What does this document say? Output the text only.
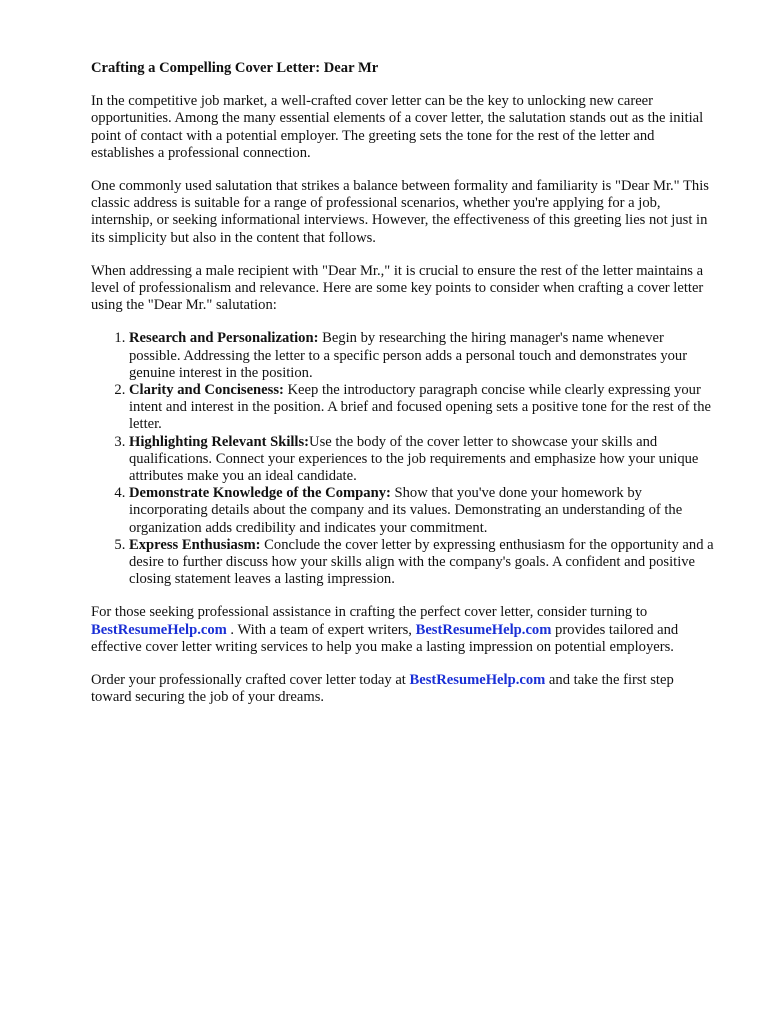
Crafting a Compelling Cover Letter: Dear Mr

In the competitive job market, a well-crafted cover letter can be the key to unlocking new career opportunities. Among the many essential elements of a cover letter, the salutation stands out as the initial point of contact with a potential employer. The greeting sets the tone for the rest of the letter and establishes a professional connection.

One commonly used salutation that strikes a balance between formality and familiarity is "Dear Mr." This classic address is suitable for a range of professional scenarios, whether you're applying for a job, internship, or seeking informational interviews. However, the effectiveness of this greeting lies not just in its simplicity but also in the content that follows.

When addressing a male recipient with "Dear Mr.," it is crucial to ensure the rest of the letter maintains a level of professionalism and relevance. Here are some key points to consider when crafting a cover letter using the "Dear Mr." salutation:

1. Research and Personalization: Begin by researching the hiring manager's name whenever possible. Addressing the letter to a specific person adds a personal touch and demonstrates your genuine interest in the position.
2. Clarity and Conciseness: Keep the introductory paragraph concise while clearly expressing your intent and interest in the position. A brief and focused opening sets a positive tone for the rest of the letter.
3. Highlighting Relevant Skills:Use the body of the cover letter to showcase your skills and qualifications. Connect your experiences to the job requirements and emphasize how your unique attributes make you an ideal candidate.
4. Demonstrate Knowledge of the Company: Show that you've done your homework by incorporating details about the company and its values. Demonstrating an understanding of the organization adds credibility and indicates your commitment.
5. Express Enthusiasm: Conclude the cover letter by expressing enthusiasm for the opportunity and a desire to further discuss how your skills align with the company's goals. A confident and positive closing statement leaves a lasting impression.

For those seeking professional assistance in crafting the perfect cover letter, consider turning to BestResumeHelp.com . With a team of expert writers, BestResumeHelp.com provides tailored and effective cover letter writing services to help you make a lasting impression on potential employers.

Order your professionally crafted cover letter today at BestResumeHelp.com and take the first step toward securing the job of your dreams.
